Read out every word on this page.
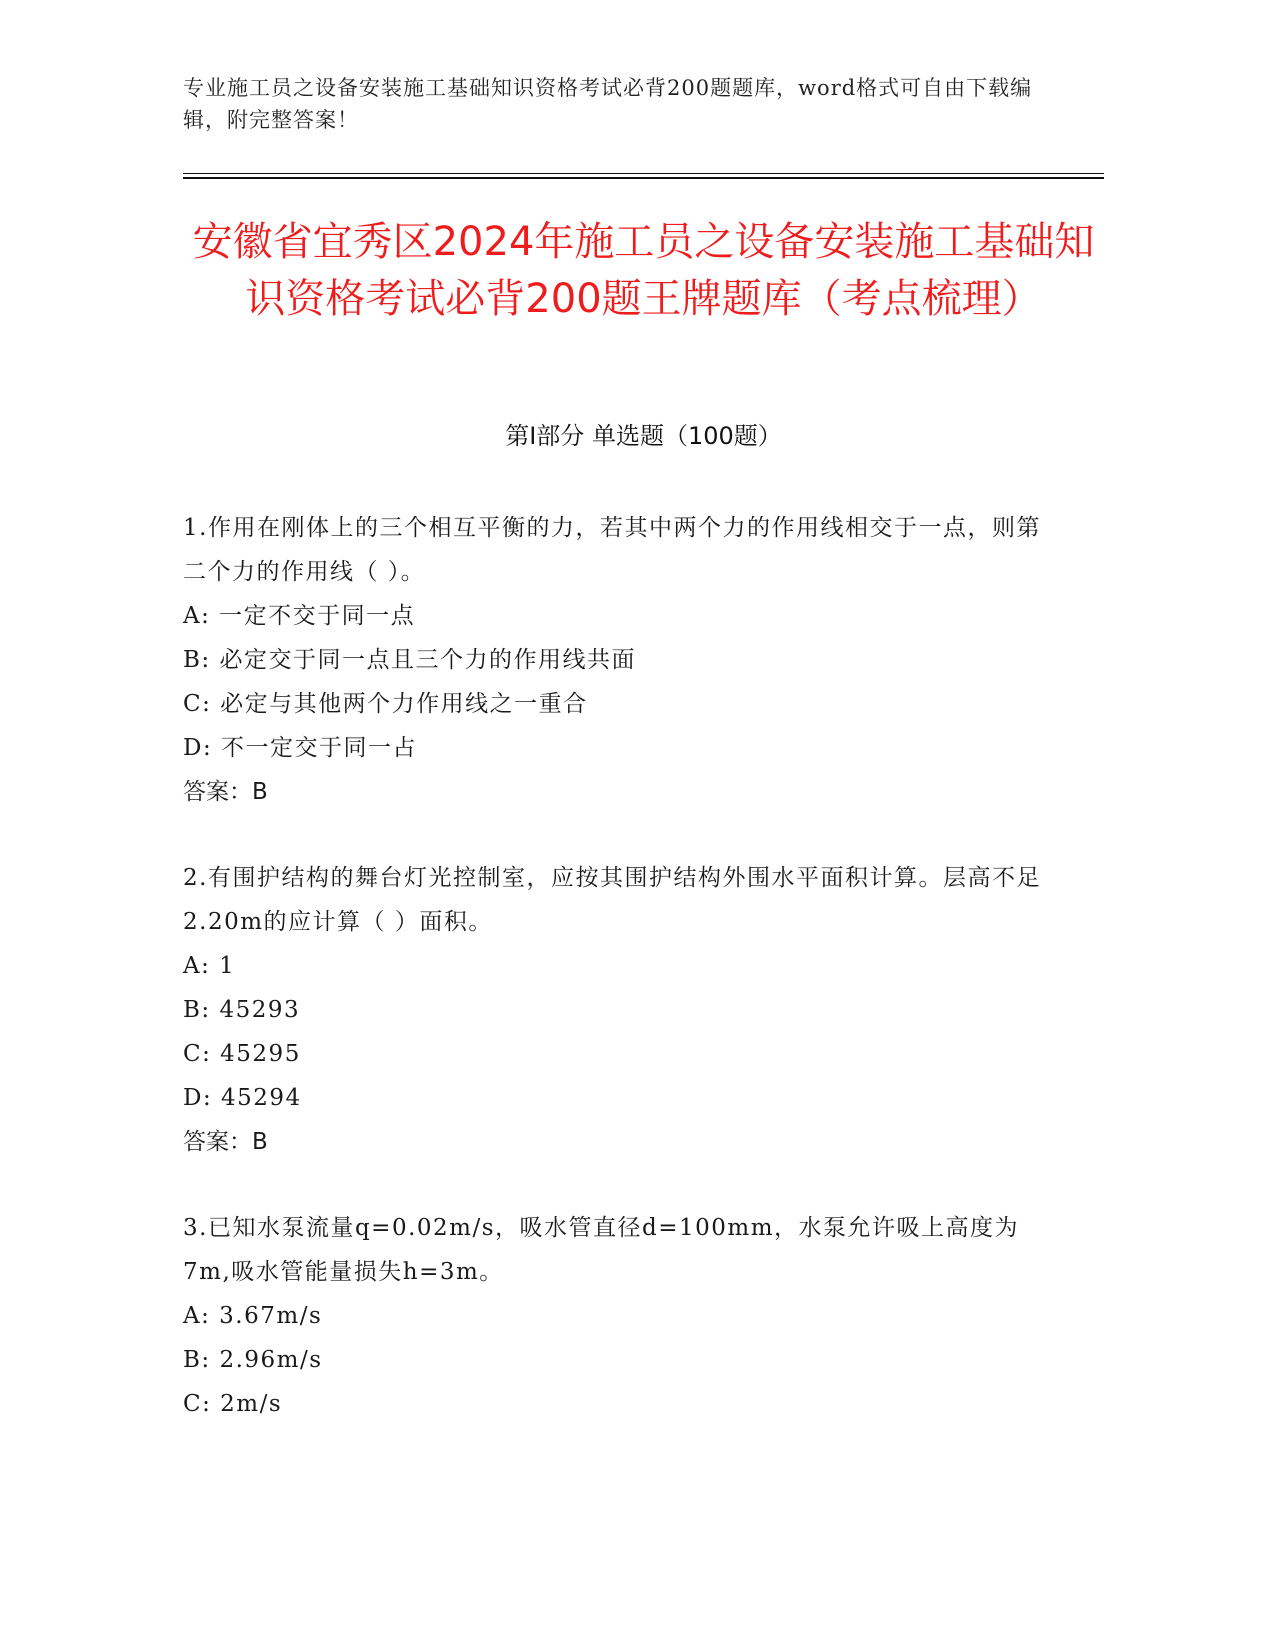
专业施工员之设备安装施工基础知识资格考试必背200题题库，word格式可自由下载编辑，附完整答案！
安徽省宜秀区2024年施工员之设备安装施工基础知识资格考试必背200题王牌题库（考点梳理）
第I部分 单选题（100题）

1.作用在刚体上的三个相互平衡的力，若其中两个力的作用线相交于一点，则第二个力的作用线（ ）。

A: 一定不交于同一点

B: 必定交于同一点且三个力的作用线共面

C: 必定与其他两个力作用线之一重合

D: 不一定交于同一占

答案：B

2.有围护结构的舞台灯光控制室，应按其围护结构外围水平面积计算。层高不足2.20m的应计算（ ）面积。

A: 1

B: 45293

C: 45295

D: 45294

答案：B

3.已知水泵流量q=0.02m/s，吸水管直径d=100mm，水泵允许吸上高度为7m,吸水管能量损失h=3m。

A: 3.67m/s

B: 2.96m/s

C: 2m/s
